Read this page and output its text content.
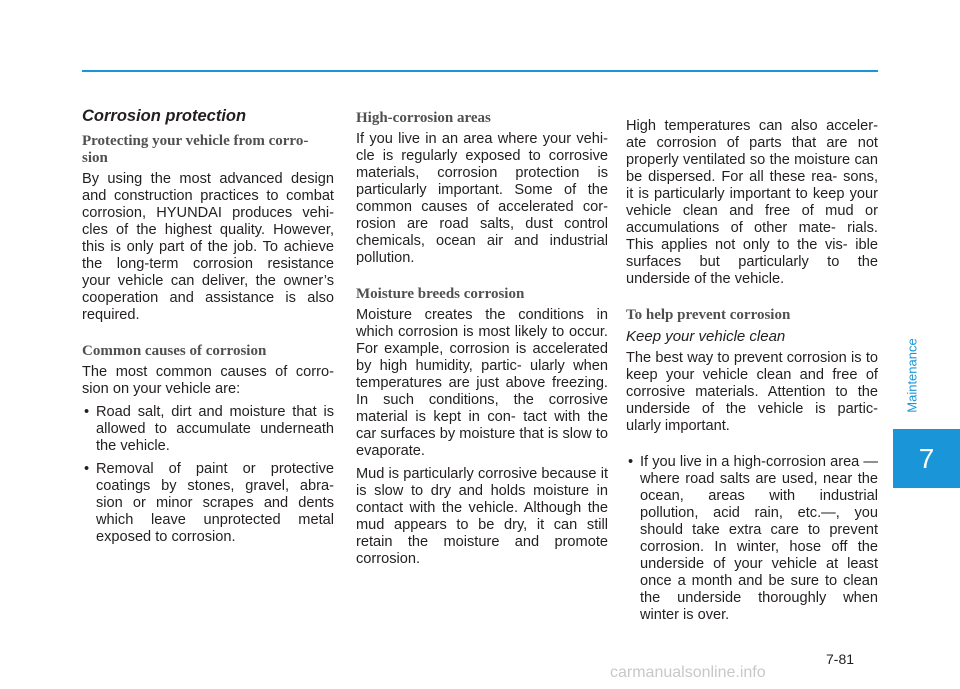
Corrosion protection
Protecting your vehicle from corro- sion

By using the most advanced design and construction practices to combat corrosion, HYUNDAI produces vehi- cles of the highest quality. However, this is only part of the job. To achieve the long-term corrosion resistance your vehicle can deliver, the owner’s cooperation and assistance is also required.

Common causes of corrosion

The most common causes of corro- sion on your vehicle are:

• Road salt, dirt and moisture that is allowed to accumulate underneath the vehicle.
• Removal of paint or protective coatings by stones, gravel, abra- sion or minor scrapes and dents which leave unprotected metal exposed to corrosion.
High-corrosion areas

If you live in an area where your vehi- cle is regularly exposed to corrosive materials, corrosion protection is particularly important. Some of the common causes of accelerated cor- rosion are road salts, dust control chemicals, ocean air and industrial pollution.

Moisture breeds corrosion

Moisture creates the conditions in which corrosion is most likely to occur. For example, corrosion is accelerated by high humidity, partic- ularly when temperatures are just above freezing. In such conditions, the corrosive material is kept in con- tact with the car surfaces by moisture that is slow to evaporate.

Mud is particularly corrosive because it is slow to dry and holds moisture in contact with the vehicle. Although the mud appears to be dry, it can still retain the moisture and promote corrosion.

High temperatures can also acceler- ate corrosion of parts that are not properly ventilated so the moisture can be dispersed. For all these rea- sons, it is particularly important to keep your vehicle clean and free of mud or accumulations of other mate- rials. This applies not only to the vis- ible surfaces but particularly to the underside of the vehicle.

To help prevent corrosion
Keep your vehicle clean

The best way to prevent corrosion is to keep your vehicle clean and free of corrosive materials. Attention to the underside of the vehicle is partic- ularly important.

• If you live in a high-corrosion area — where road salts are used, near the ocean, areas with industrial pollution, acid rain, etc.—, you should take extra care to prevent corrosion. In winter, hose off the underside of your vehicle at least once a month and be sure to clean the underside thoroughly when winter is over.
Maintenance
7
7-81
carmanualsonline.info
